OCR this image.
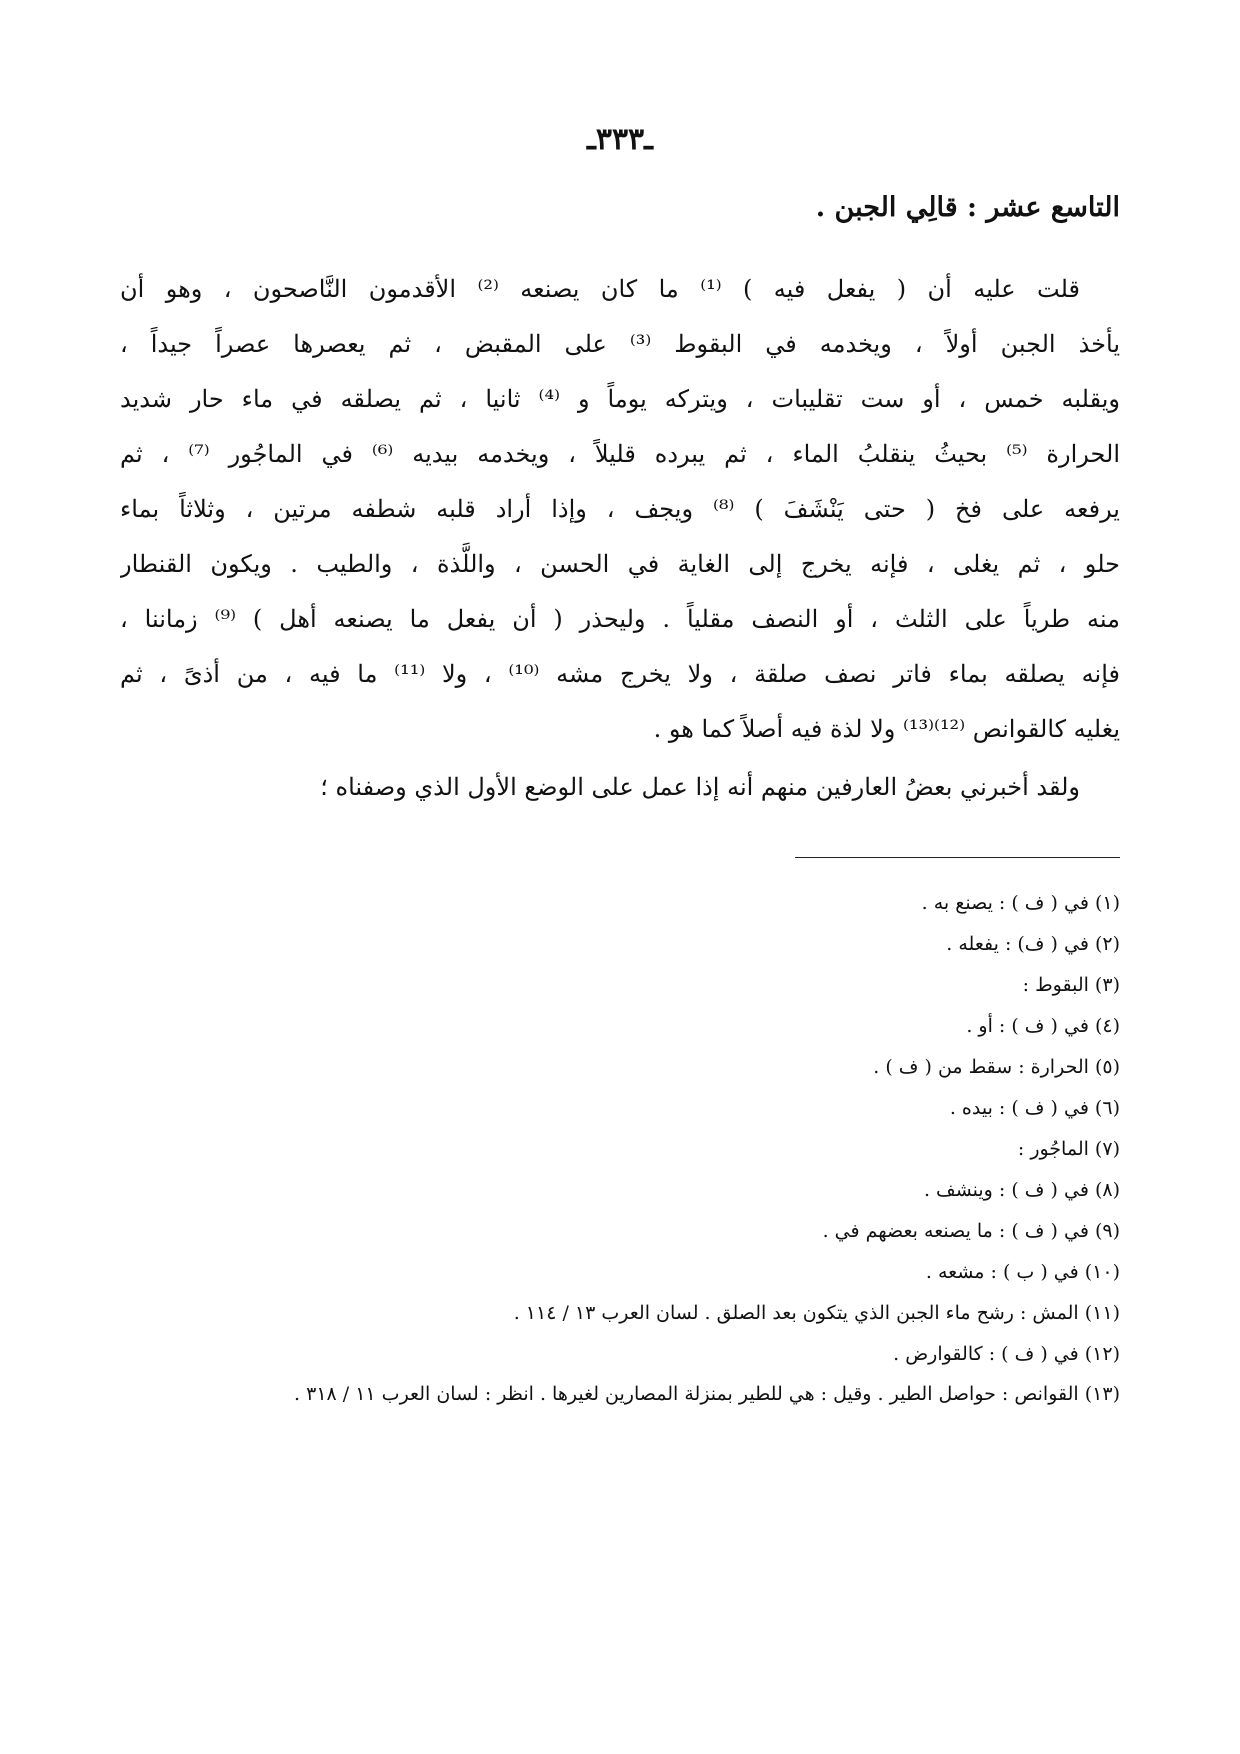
ـ٣٣٣ـ
التاسع عشر : قالِي الجبن .
قلت عليه أن ( يفعل فيه ) ⁽¹⁾ ما كان يصنعه ⁽²⁾ الأقدمون النَّاصحون ، وهو أن
يأخذ الجبن أولاً ، ويخدمه في البقوط ⁽³⁾ على المقبض ، ثم يعصرها عصراً جيداً ،
ويقلبه خمس ، أو ست تقليبات ، ويتركه يوماً و ⁽⁴⁾ ثانيا ، ثم يصلقه في ماء حار شديد
الحرارة ⁽⁵⁾ بحيثُ ينقلبُ الماء ، ثم يبرده قليلاً ، ويخدمه بيديه ⁽⁶⁾ في الماجُور ⁽⁷⁾ ، ثم
يرفعه على فخ ( حتى يَنْشَفَ ) ⁽⁸⁾ ويجف ، وإذا أراد قلبه شطفه مرتين ، وثلاثاً بماء
حلو ، ثم يغلى ، فإنه يخرج إلى الغاية في الحسن ، واللَّذة ، والطيب . ويكون القنطار
منه طرياً على الثلث ، أو النصف مقلياً . وليحذر ( أن يفعل ما يصنعه أهل ) ⁽⁹⁾ زماننا ،
فإنه يصلقه بماء فاتر نصف صلقة ، ولا يخرج مشه ⁽¹⁰⁾ ، ولا ⁽¹¹⁾ ما فيه ، من أذىً ، ثم
يغليه كالقوانص ⁽¹²⁾⁽¹³⁾ ولا لذة فيه أصلاً كما هو .
ولقد أخبرني بعضُ العارفين منهم أنه إذا عمل على الوضع الأول الذي وصفناه ؛
(١) في ( ف ) : يصنع به .
(٢) في ( ف) : يفعله .
(٣) البقوط :
(٤) في ( ف ) : أو .
(٥) الحرارة : سقط من ( ف ) .
(٦) في ( ف ) : بيده .
(٧) الماجُور :
(٨) في ( ف ) : وينشف .
(٩) في ( ف ) : ما يصنعه بعضهم في .
(١٠) في ( ب ) : مشعه .
(١١) المش : رشح ماء الجبن الذي يتكون بعد الصلق . لسان العرب ١٣ / ١١٤ .
(١٢) في ( ف ) : كالقوارض .
(١٣) القوانص : حواصل الطير . وقيل : هي للطير بمنزلة المصارين لغيرها . انظر : لسان العرب ١١ / ٣١٨ .
